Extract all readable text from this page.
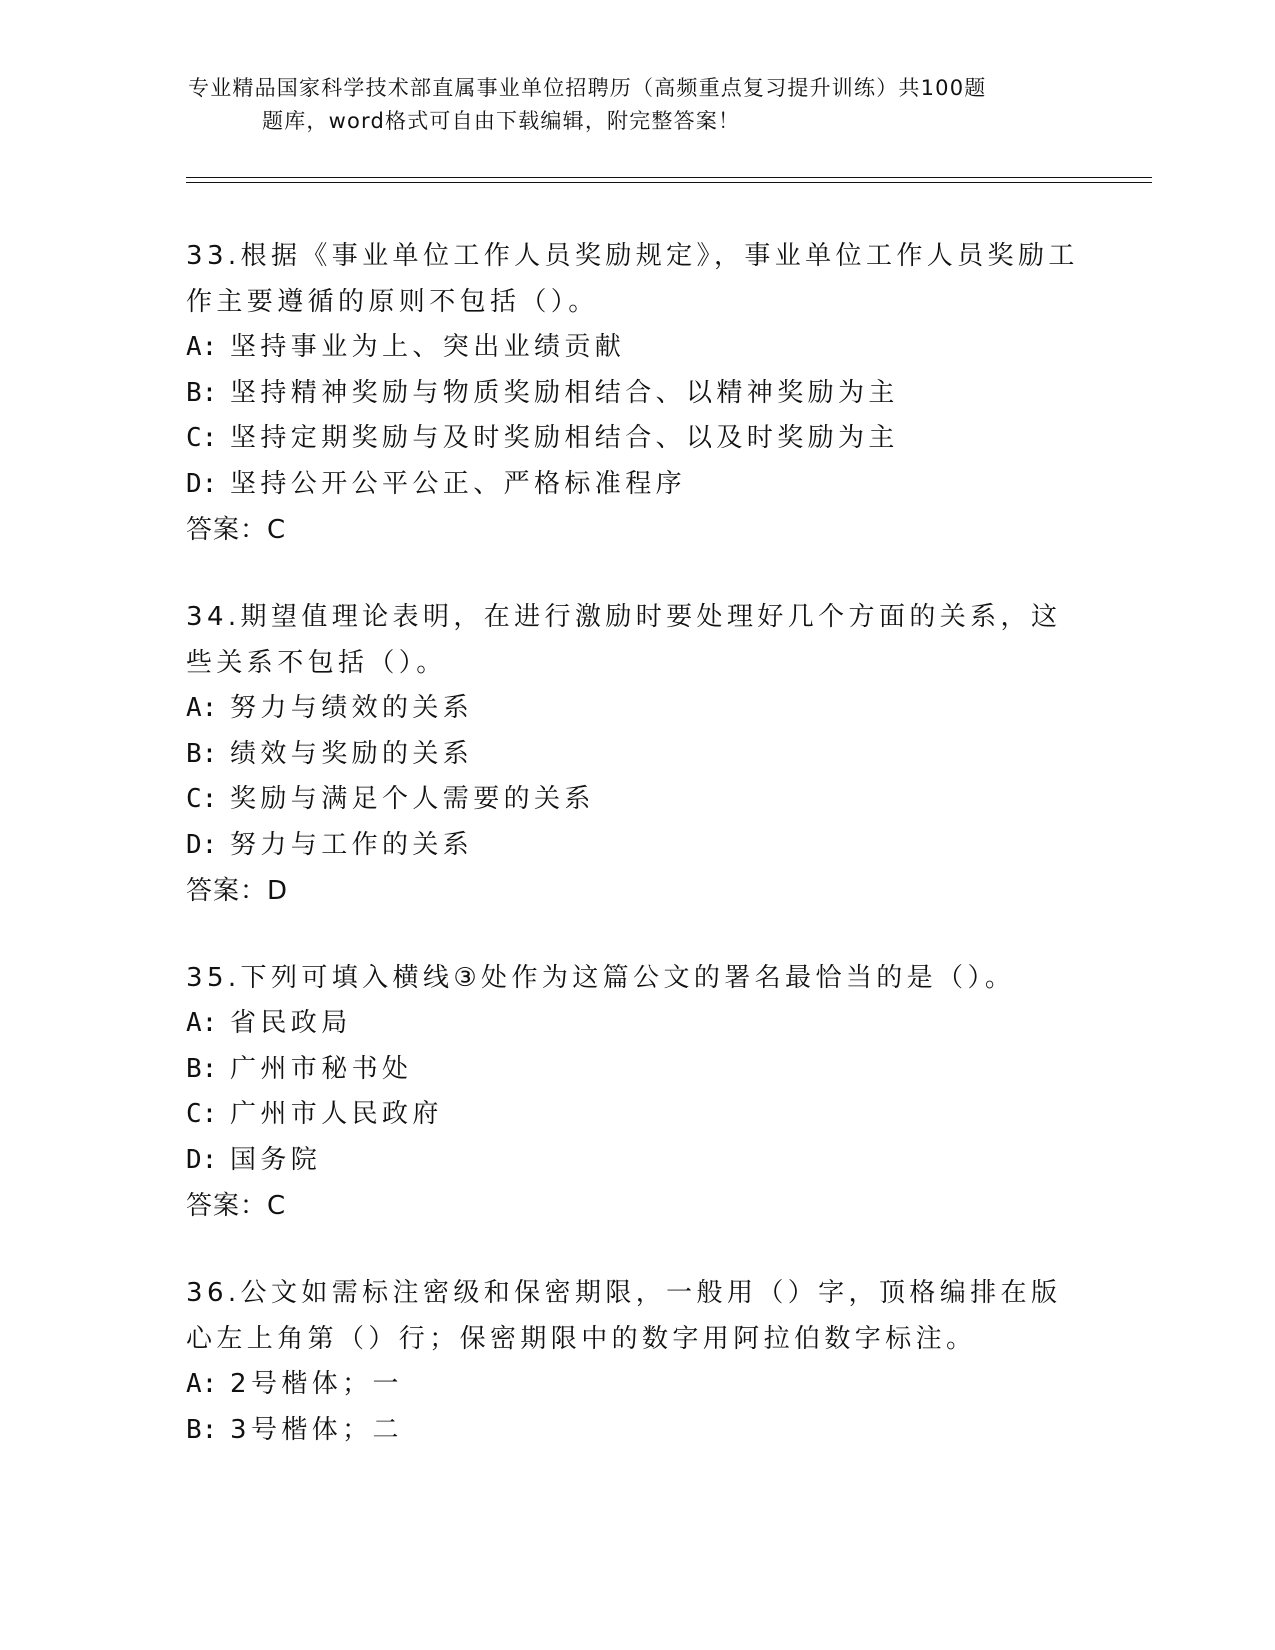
专业精品国家科学技术部直属事业单位招聘历（高频重点复习提升训练）共100题
题库，word格式可自由下载编辑，附完整答案！
33.根据《事业单位工作人员奖励规定》，事业单位工作人员奖励工作主要遵循的原则不包括（）。
A: 坚持事业为上、突出业绩贡献
B: 坚持精神奖励与物质奖励相结合、以精神奖励为主
C: 坚持定期奖励与及时奖励相结合、以及时奖励为主
D: 坚持公开公平公正、严格标准程序
答案：C
34.期望值理论表明，在进行激励时要处理好几个方面的关系，这些关系不包括（）。
A: 努力与绩效的关系
B: 绩效与奖励的关系
C: 奖励与满足个人需要的关系
D: 努力与工作的关系
答案：D
35.下列可填入横线③处作为这篇公文的署名最恰当的是（）。
A: 省民政局
B: 广州市秘书处
C: 广州市人民政府
D: 国务院
答案：C
36.公文如需标注密级和保密期限，一般用（）字，顶格编排在版心左上角第（）行；保密期限中的数字用阿拉伯数字标注。
A: 2号楷体；一
B: 3号楷体；二
